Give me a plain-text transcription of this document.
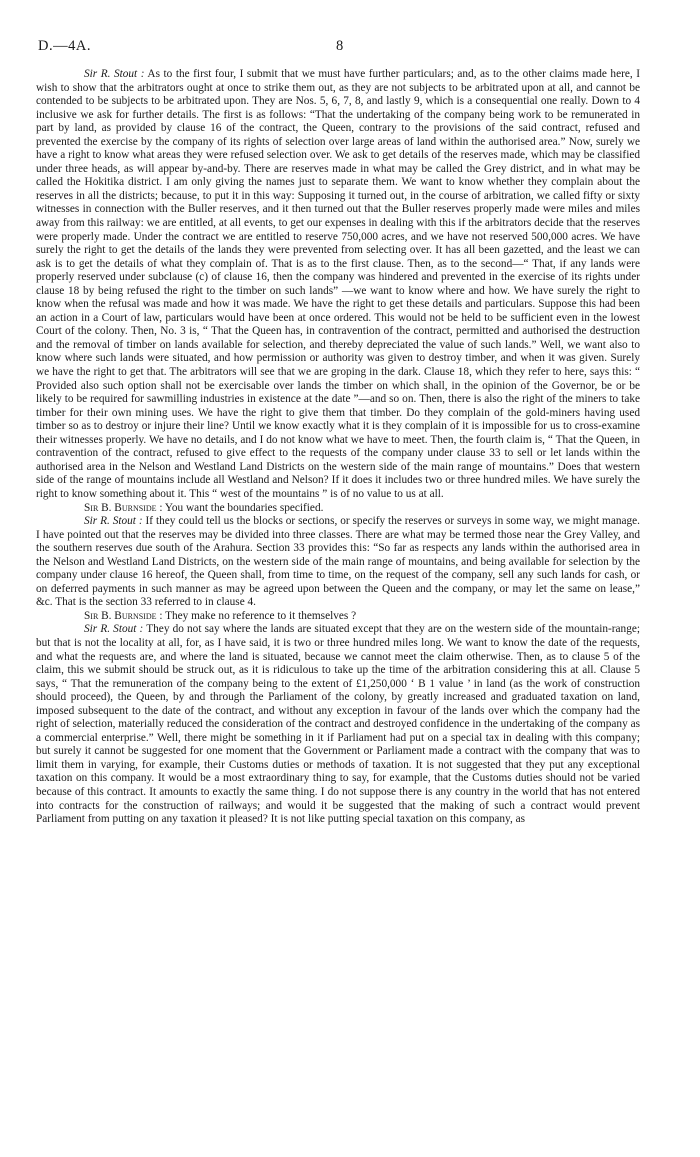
D.—4A.	8

Sir R. Stout : As to the first four, I submit that we must have further particulars; and, as to the other claims made here, I wish to show that the arbitrators ought at once to strike them out, as they are not subjects to be arbitrated upon at all, and cannot be contended to be subjects to be arbitrated upon. They are Nos. 5, 6, 7, 8, and lastly 9, which is a consequential one really. Down to 4 inclusive we ask for further details. The first is as follows: “That the undertaking of the company being work to be remunerated in part by land, as provided by clause 16 of the contract, the Queen, contrary to the provisions of the said contract, refused and prevented the exercise by the company of its rights of selection over large areas of land within the authorised area.” Now, surely we have a right to know what areas they were refused selection over. We ask to get details of the reserves made, which may be classified under three heads, as will appear by-and-by. There are reserves made in what may be called the Grey district, and in what may be called the Hokitika district. I am only giving the names just to separate them. We want to know whether they complain about the reserves in all the districts; because, to put it in this way: Supposing it turned out, in the course of arbitration, we called fifty or sixty witnesses in connection with the Buller reserves, and it then turned out that the Buller reserves properly made were miles and miles away from this railway: we are entitled, at all events, to get our expenses in dealing with this if the arbitrators decide that the reserves were properly made. Under the contract we are entitled to reserve 750,000 acres, and we have not reserved 500,000 acres. We have surely the right to get the details of the lands they were prevented from selecting over. It has all been gazetted, and the least we can ask is to get the details of what they complain of. That is as to the first clause. Then, as to the second—“ That, if any lands were properly reserved under subclause (c) of clause 16, then the company was hindered and prevented in the exercise of its rights under clause 18 by being refused the right to the timber on such lands” —we want to know where and how. We have surely the right to know when the refusal was made and how it was made. We have the right to get these details and particulars. Suppose this had been an action in a Court of law, particulars would have been at once ordered. This would not be held to be sufficient even in the lowest Court of the colony. Then, No. 3 is, “ That the Queen has, in contravention of the contract, permitted and authorised the destruction and the removal of timber on lands available for selection, and thereby depreciated the value of such lands.” Well, we want also to know where such lands were situated, and how permission or authority was given to destroy timber, and when it was given. Surely we have the right to get that. The arbitrators will see that we are groping in the dark. Clause 18, which they refer to here, says this: “ Provided also such option shall not be exercisable over lands the timber on which shall, in the opinion of the Governor, be or be likely to be required for sawmilling industries in existence at the date ”—and so on. Then, there is also the right of the miners to take timber for their own mining uses. We have the right to give them that timber. Do they complain of the gold-miners having used timber so as to destroy or injure their line? Until we know exactly what it is they complain of it is impossible for us to cross-examine their witnesses properly. We have no details, and I do not know what we have to meet. Then, the fourth claim is, “ That the Queen, in contravention of the contract, refused to give effect to the requests of the company under clause 33 to sell or let lands within the authorised area in the Nelson and Westland Land Districts on the western side of the main range of mountains.” Does that western side of the range of mountains include all Westland and Nelson? If it does it includes two or three hundred miles. We have surely the right to know something about it. This “ west of the mountains ” is of no value to us at all.

Sir B. Burnside : You want the boundaries specified.

Sir R. Stout : If they could tell us the blocks or sections, or specify the reserves or surveys in some way, we might manage. I have pointed out that the reserves may be divided into three classes. There are what may be termed those near the Grey Valley, and the southern reserves due south of the Arahura. Section 33 provides this: “So far as respects any lands within the authorised area in the Nelson and Westland Land Districts, on the western side of the main range of mountains, and being available for selection by the company under clause 16 hereof, the Queen shall, from time to time, on the request of the company, sell any such lands for cash, or on deferred payments in such manner as may be agreed upon between the Queen and the company, or may let the same on lease,” &c. That is the section 33 referred to in clause 4.

Sir B. Burnside : They make no reference to it themselves ?

Sir R. Stout : They do not say where the lands are situated except that they are on the western side of the mountain-range; but that is not the locality at all, for, as I have said, it is two or three hundred miles long. We want to know the date of the requests, and what the requests are, and where the land is situated, because we cannot meet the claim otherwise. Then, as to clause 5 of the claim, this we submit should be struck out, as it is ridiculous to take up the time of the arbitration considering this at all. Clause 5 says, “ That the remuneration of the company being to the extent of £1,250,000 ‘ B 1 value ’ in land (as the work of construction should proceed), the Queen, by and through the Parliament of the colony, by greatly increased and graduated taxation on land, imposed subsequent to the date of the contract, and without any exception in favour of the lands over which the company had the right of selection, materially reduced the consideration of the contract and destroyed confidence in the undertaking of the company as a commercial enterprise.” Well, there might be something in it if Parliament had put on a special tax in dealing with this company; but surely it cannot be suggested for one moment that the Government or Parliament made a contract with the company that was to limit them in varying, for example, their Customs duties or methods of taxation. It is not suggested that they put any exceptional taxation on this company. It would be a most extraordinary thing to say, for example, that the Customs duties should not be varied because of this contract. It amounts to exactly the same thing. I do not suppose there is any country in the world that has not entered into contracts for the construction of railways; and would it be suggested that the making of such a contract would prevent Parliament from putting on any taxation it pleased? It is not like putting special taxation on this company, as
